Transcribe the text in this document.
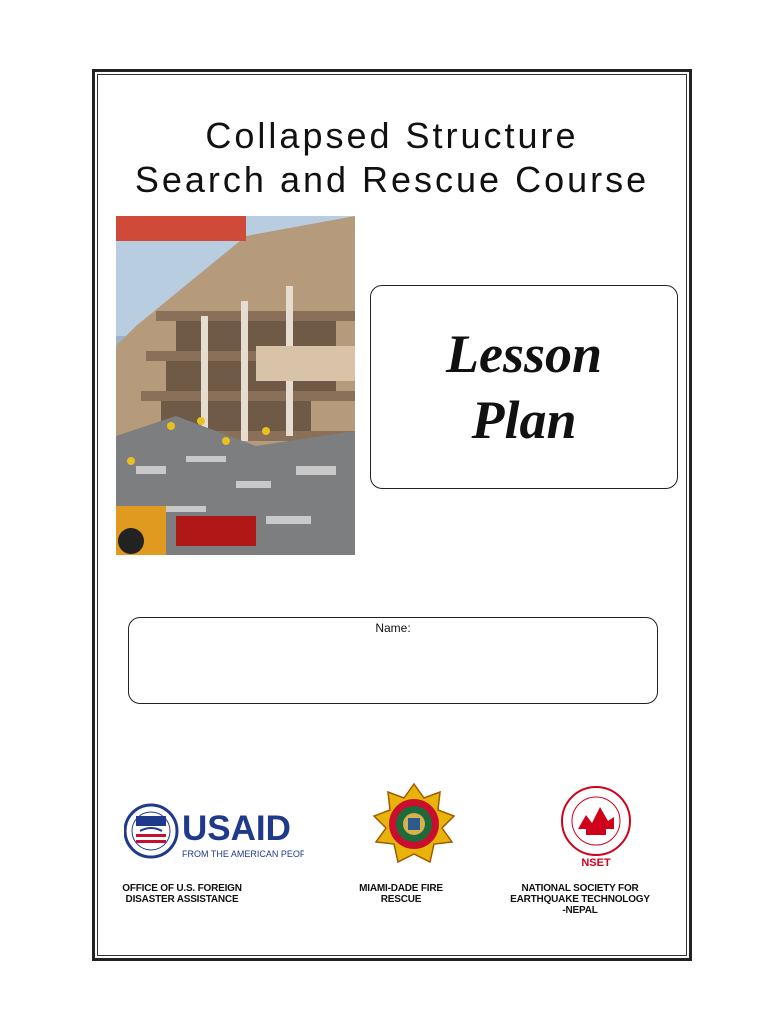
Collapsed Structure
Search and Rescue Course
Lesson
Plan
Name:
USAID
FROM THE AMERICAN PEOPLE
NSET
OFFICE OF U.S. FOREIGN
DISASTER ASSISTANCE
MIAMI-DADE FIRE
RESCUE
NATIONAL SOCIETY FOR
EARTHQUAKE TECHNOLOGY
-NEPAL
